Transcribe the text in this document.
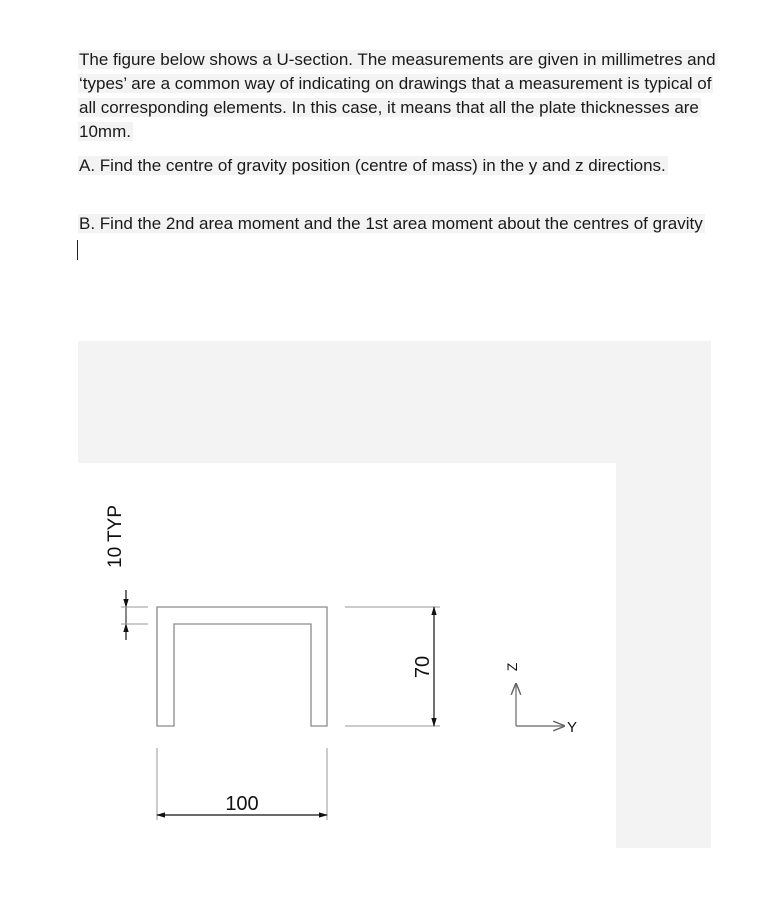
The figure below shows a U-section. The measurements are given in millimetres and ‘types’ are a common way of indicating on drawings that a measurement is typical of all corresponding elements. In this case, it means that all the plate thicknesses are 10mm.

A. Find the centre of gravity position (centre of mass) in the y and z directions.

B. Find the 2nd area moment and the 1st area moment about the centres of gravity

10 TYP
100
70	Z
Y
